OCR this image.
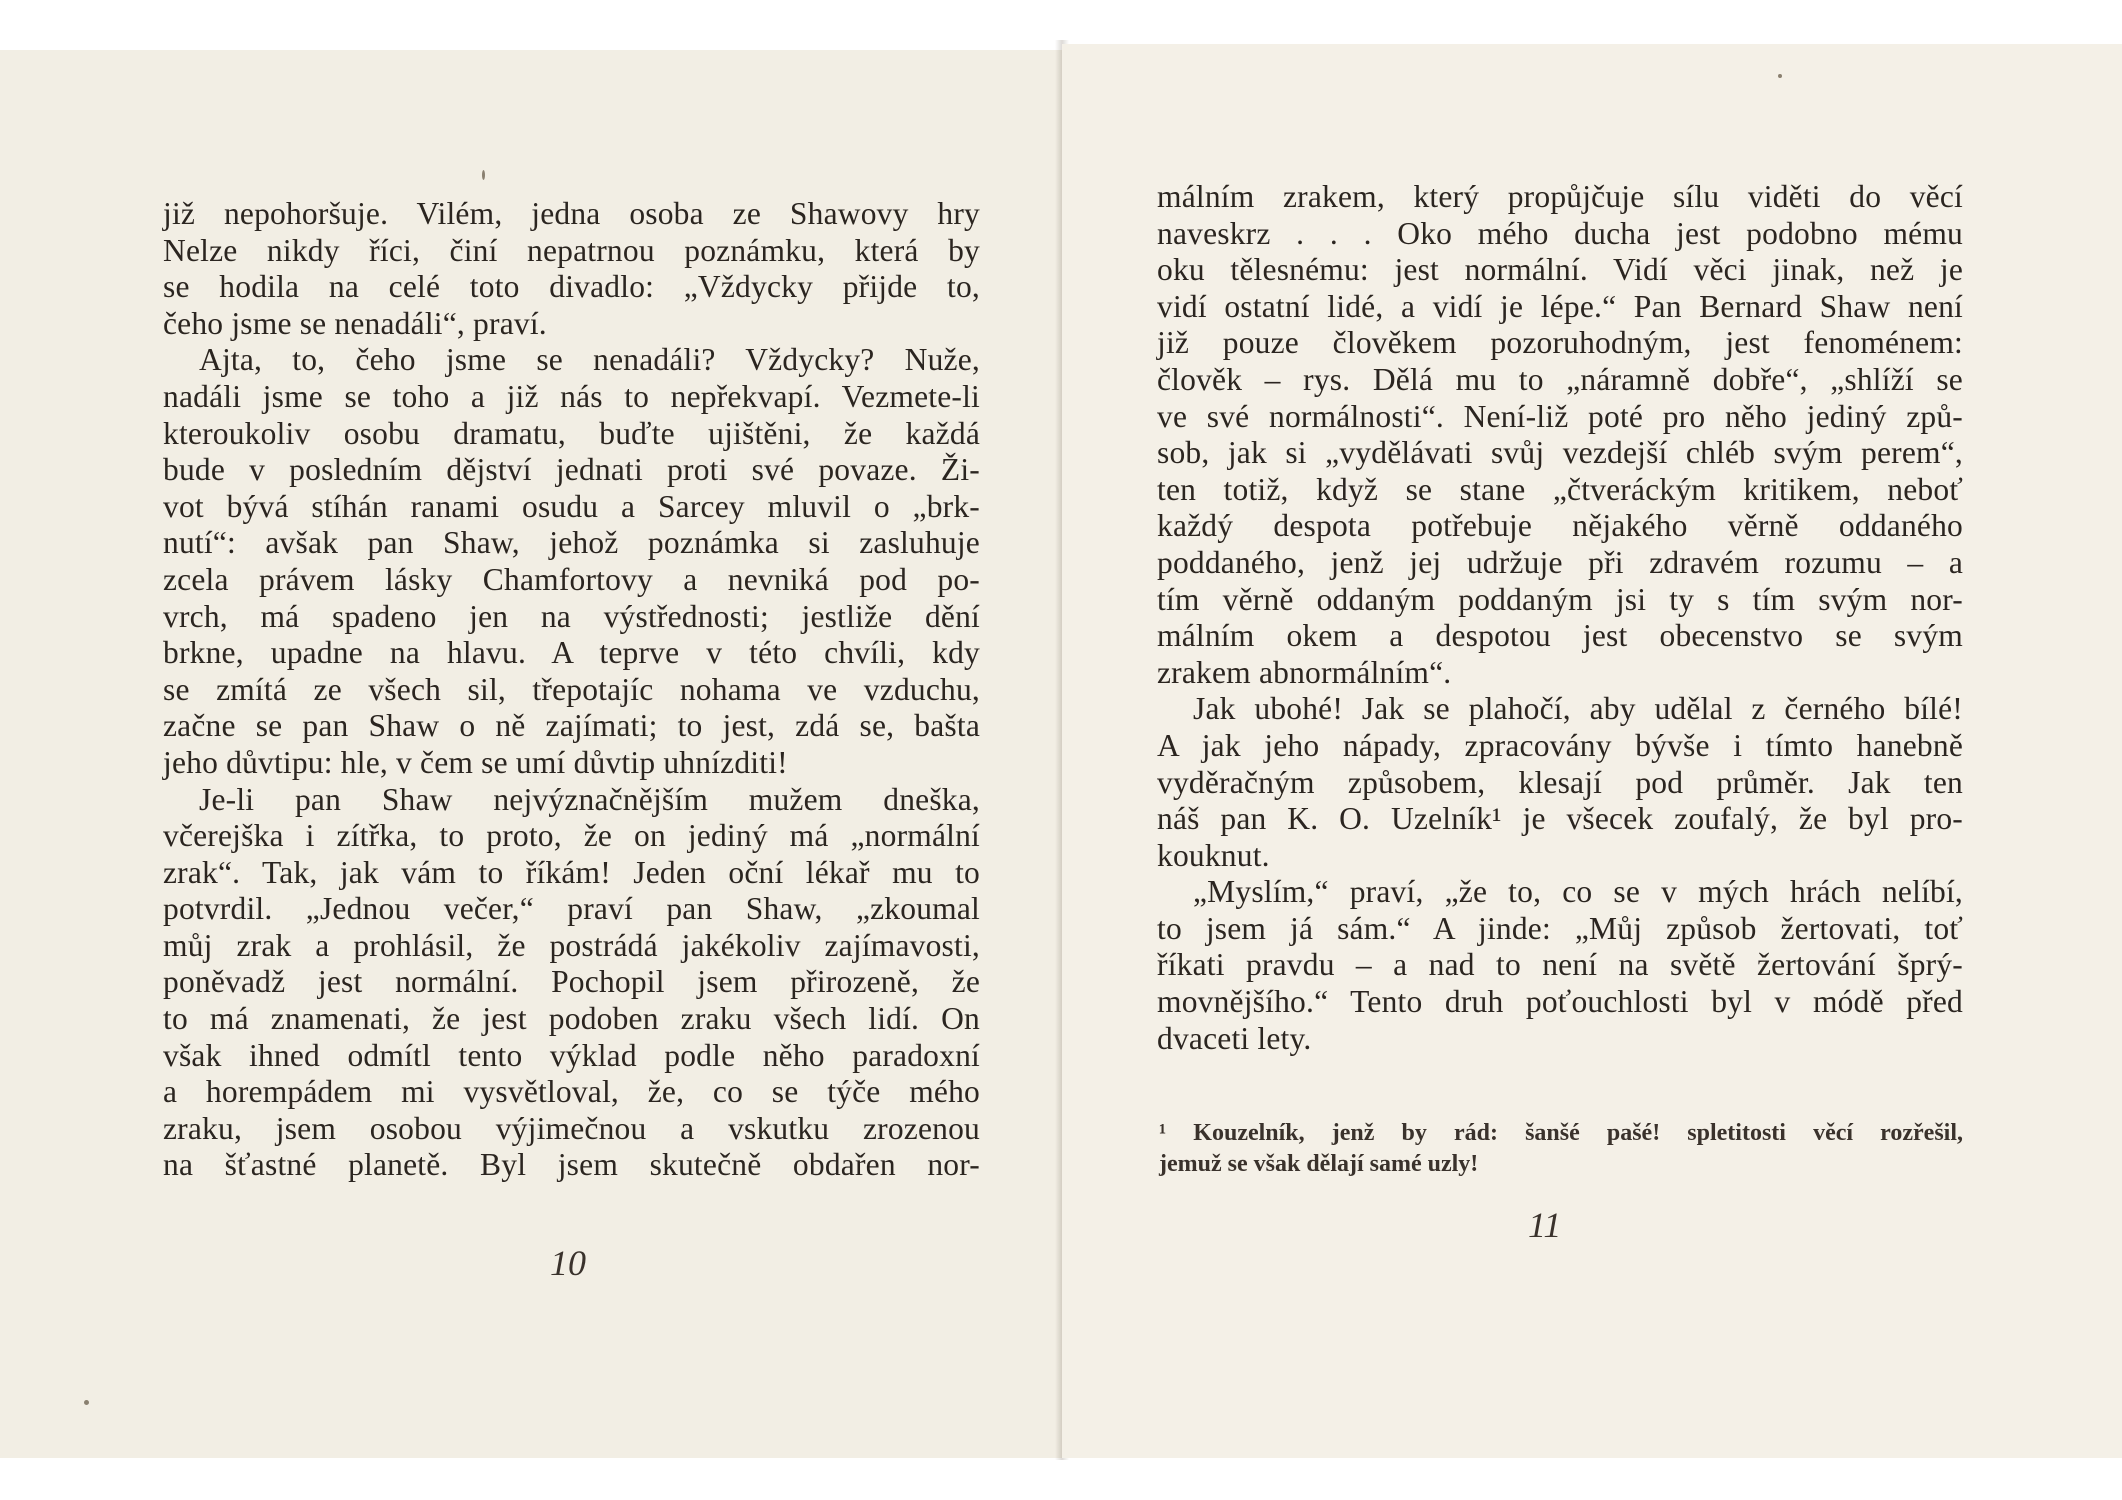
již nepohoršuje. Vilém, jedna osoba ze Shawovy hry
Nelze nikdy říci, činí nepatrnou poznámku, která by
se hodila na celé toto divadlo: „Vždycky přijde to,
čeho jsme se nenadáli“, praví.
Ajta, to, čeho jsme se nenadáli? Vždycky? Nuže,
nadáli jsme se toho a již nás to nepřekvapí. Vezmete-li
kteroukoliv osobu dramatu, buďte ujištěni, že každá
bude v posledním dějství jednati proti své povaze. Ži-
vot bývá stíhán ranami osudu a Sarcey mluvil o „brk-
nutí“: avšak pan Shaw, jehož poznámka si zasluhuje
zcela právem lásky Chamfortovy a nevniká pod po-
vrch, má spadeno jen na výstřednosti; jestliže dění
brkne, upadne na hlavu. A teprve v této chvíli, kdy
se zmítá ze všech sil, třepotajíc nohama ve vzduchu,
začne se pan Shaw o ně zajímati; to jest, zdá se, bašta
jeho důvtipu: hle, v čem se umí důvtip uhnízditi!
Je-li pan Shaw nejvýznačnějším mužem dneška,
včerejška i zítřka, to proto, že on jediný má „normální
zrak“. Tak, jak vám to říkám! Jeden oční lékař mu to
potvrdil. „Jednou večer,“ praví pan Shaw, „zkoumal
můj zrak a prohlásil, že postrádá jakékoliv zajímavosti,
poněvadž jest normální. Pochopil jsem přirozeně, že
to má znamenati, že jest podoben zraku všech lidí. On
však ihned odmítl tento výklad podle něho paradoxní
a horempádem mi vysvětloval, že, co se týče mého
zraku, jsem osobou výjimečnou a vskutku zrozenou
na šťastné planetě. Byl jsem skutečně obdařen nor-
10
málním zrakem, který propůjčuje sílu viděti do věcí
naveskrz . . . Oko mého ducha jest podobno mému
oku tělesnému: jest normální. Vidí věci jinak, než je
vidí ostatní lidé, a vidí je lépe.“ Pan Bernard Shaw není
již pouze člověkem pozoruhodným, jest fenoménem:
člověk – rys. Dělá mu to „náramně dobře“, „shlíží se
ve své normálnosti“. Není-liž poté pro něho jediný způ-
sob, jak si „vydělávati svůj vezdejší chléb svým perem“,
ten totiž, když se stane „čtveráckým kritikem, neboť
každý despota potřebuje nějakého věrně oddaného
poddaného, jenž jej udržuje při zdravém rozumu – a
tím věrně oddaným poddaným jsi ty s tím svým nor-
málním okem a despotou jest obecenstvo se svým
zrakem abnormálním“.
Jak ubohé! Jak se plahočí, aby udělal z černého bílé!
A jak jeho nápady, zpracovány bývše i tímto hanebně
vyděračným způsobem, klesají pod průměr. Jak ten
náš pan K. O. Uzelník¹ je všecek zoufalý, že byl pro-
kouknut.
„Myslím,“ praví, „že to, co se v mých hrách nelíbí,
to jsem já sám.“ A jinde: „Můj způsob žertovati, toť
říkati pravdu – a nad to není na světě žertování šprý-
movnějšího.“ Tento druh poťouchlosti byl v módě před
dvaceti lety.
¹ Kouzelník, jenž by rád: šanšé pašé! spletitosti věcí rozřešil,
jemuž se však dělají samé uzly!
11
